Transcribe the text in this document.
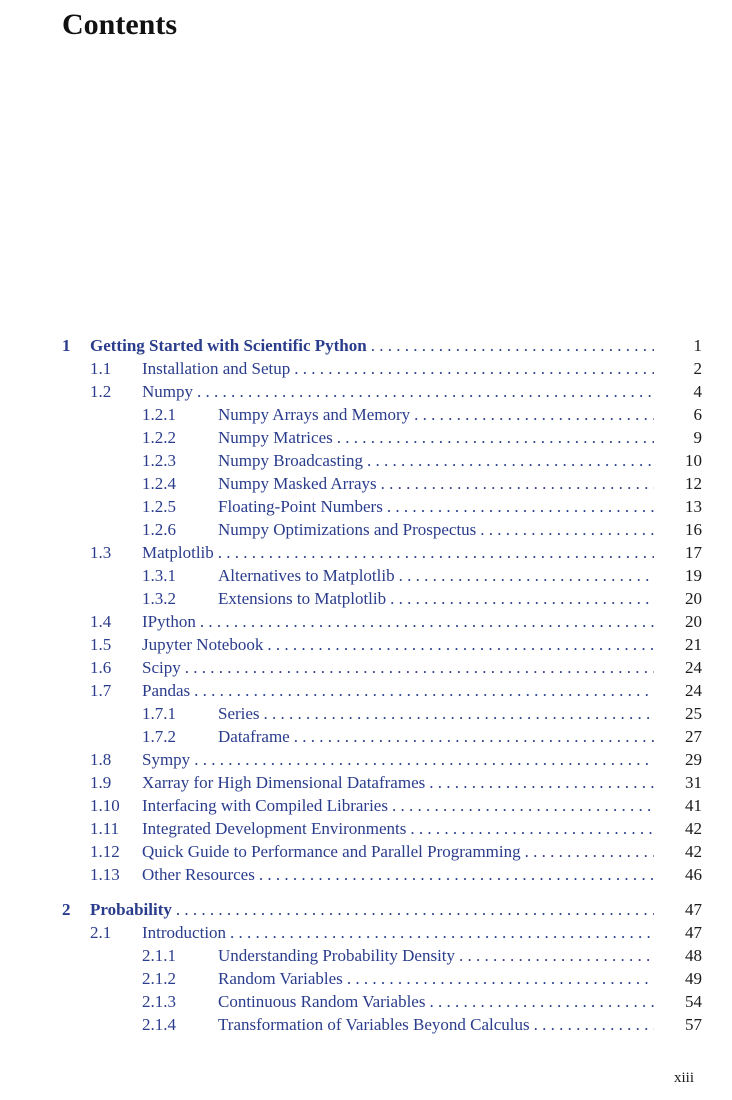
Contents
1	Getting Started with Scientific Python . . .	1
1.1	Installation and Setup . . .	2
1.2	Numpy . . .	4
1.2.1	Numpy Arrays and Memory . . .	6
1.2.2	Numpy Matrices . . .	9
1.2.3	Numpy Broadcasting . . .	10
1.2.4	Numpy Masked Arrays . . .	12
1.2.5	Floating-Point Numbers . . .	13
1.2.6	Numpy Optimizations and Prospectus . . .	16
1.3	Matplotlib . . .	17
1.3.1	Alternatives to Matplotlib . . .	19
1.3.2	Extensions to Matplotlib . . .	20
1.4	IPython . . .	20
1.5	Jupyter Notebook . . .	21
1.6	Scipy . . .	24
1.7	Pandas . . .	24
1.7.1	Series . . .	25
1.7.2	Dataframe . . .	27
1.8	Sympy . . .	29
1.9	Xarray for High Dimensional Dataframes . . .	31
1.10	Interfacing with Compiled Libraries . . .	41
1.11	Integrated Development Environments . . .	42
1.12	Quick Guide to Performance and Parallel Programming . . .	42
1.13	Other Resources . . .	46
2	Probability . . .	47
2.1	Introduction . . .	47
2.1.1	Understanding Probability Density . . .	48
2.1.2	Random Variables . . .	49
2.1.3	Continuous Random Variables . . .	54
2.1.4	Transformation of Variables Beyond Calculus . . .	57
xiii
